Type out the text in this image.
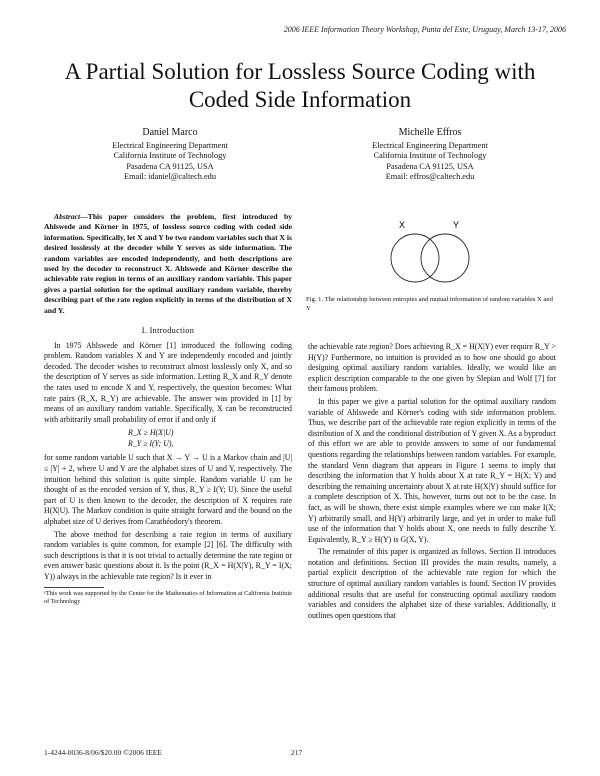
2006 IEEE Information Theory Workshop, Punta del Este, Uruguay, March 13-17, 2006
A Partial Solution for Lossless Source Coding with
Coded Side Information
Daniel Marco
Electrical Engineering Department
California Institute of Technology
Pasadena CA 91125, USA
Email: idaniel@caltech.edu
Michelle Effros
Electrical Engineering Department
California Institute of Technology
Pasadena CA 91125, USA
Email: effros@caltech.edu
Abstract—This paper considers the problem, first introduced by Ahlswede and Körner in 1975, of lossless source coding with coded side information. Specifically, let X and Y be two random variables such that X is desired losslessly at the decoder while Y serves as side information. The random variables are encoded independently, and both descriptions are used by the decoder to reconstruct X. Ahlswede and Körner describe the achievable rate region in terms of an auxiliary random variable. This paper gives a partial solution for the optimal auxiliary random variable, thereby describing part of the rate region explicitly in terms of the distribution of X and Y.
I. Introduction

In 1975 Ahlswede and Körner [1] introduced the following coding problem. Random variables X and Y are independently encoded and jointly decoded. The decoder wishes to reconstruct almost losslessly only X, and so the description of Y serves as side information. Letting R_X and R_Y denote the rates used to encode X and Y, respectively, the question becomes: What rate pairs (R_X, R_Y) are achievable. The answer was provided in [1] by means of an auxiliary random variable. Specifically, X can be reconstructed with arbitrarily small probability of error if and only if

R_X ≥ H(X|U)
R_Y ≥ I(Y; U),

for some random variable U such that X → Y → U is a Markov chain and |U| ≤ |Y| + 2, where U and Y are the alphabet sizes of U and Y, respectively. The intuition behind this solution is quite simple. Random variable U can be thought of as the encoded version of Y, thus, R_Y ≥ I(Y; U). Since the useful part of U is then known to the decoder, the description of X requires rate H(X|U). The Markov condition is quite straight forward and the bound on the alphabet size of U derives from Carathéodory's theorem.

The above method for describing a rate region in terms of auxiliary random variables is quite common, for example [2] [6]. The difficulty with such descriptions is that it is not trivial to actually determine the rate region or even answer basic questions about it. Is the point (R_X = H(X|Y), R_Y = I(X; Y)) always in the achievable rate region? Is it ever in

¹This work was supported by the Center for the Mathematics of Information at California Institute of Technology
X	Y
Fig. 1. The relationship between entropies and mutual information of random variables X and Y

the achievable rate region? Does achieving R_X = H(X|Y) ever require R_Y > H(Y)? Furthermore, no intuition is provided as to how one should go about designing optimal auxiliary random variables. Ideally, we would like an explicit description comparable to the one given by Slepian and Wolf [7] for their famous problem.

In this paper we give a partial solution for the optimal auxiliary random variable of Ahlswede and Körner's coding with side information problem. Thus, we describe part of the achievable rate region explicitly in terms of the distribution of X and the conditional distribution of Y given X. As a byproduct of this effort we are able to provide answers to some of our fundamental questions regarding the relationships between random variables. For example, the standard Venn diagram that appears in Figure 1 seems to imply that describing the information that Y holds about X at rate R_Y = H(X; Y) and describing the remaining uncertainty about X at rate H(X|Y) should suffice for a complete description of X. This, however, turns out not to be the case. In fact, as will be shown, there exist simple examples where we can make I(X; Y) arbitrarily small, and H(Y) arbitrarily large, and yet in order to make full use of the information that Y holds about X, one needs to fully describe Y. Equivalently, R_Y ≥ H(Y) is G(X, Y).

The remainder of this paper is organized as follows. Section II introduces notation and definitions. Section III provides the main results, namely, a partial explicit description of the achievable rate region for which the structure of optimal auxiliary random variables is found. Section IV provides additional results that are useful for constructing optimal auxiliary random variables and considers the alphabet size of these variables. Additionally, it outlines open questions that

1-4244-0036-8/06/$20.00 ©2006 IEEE	217
